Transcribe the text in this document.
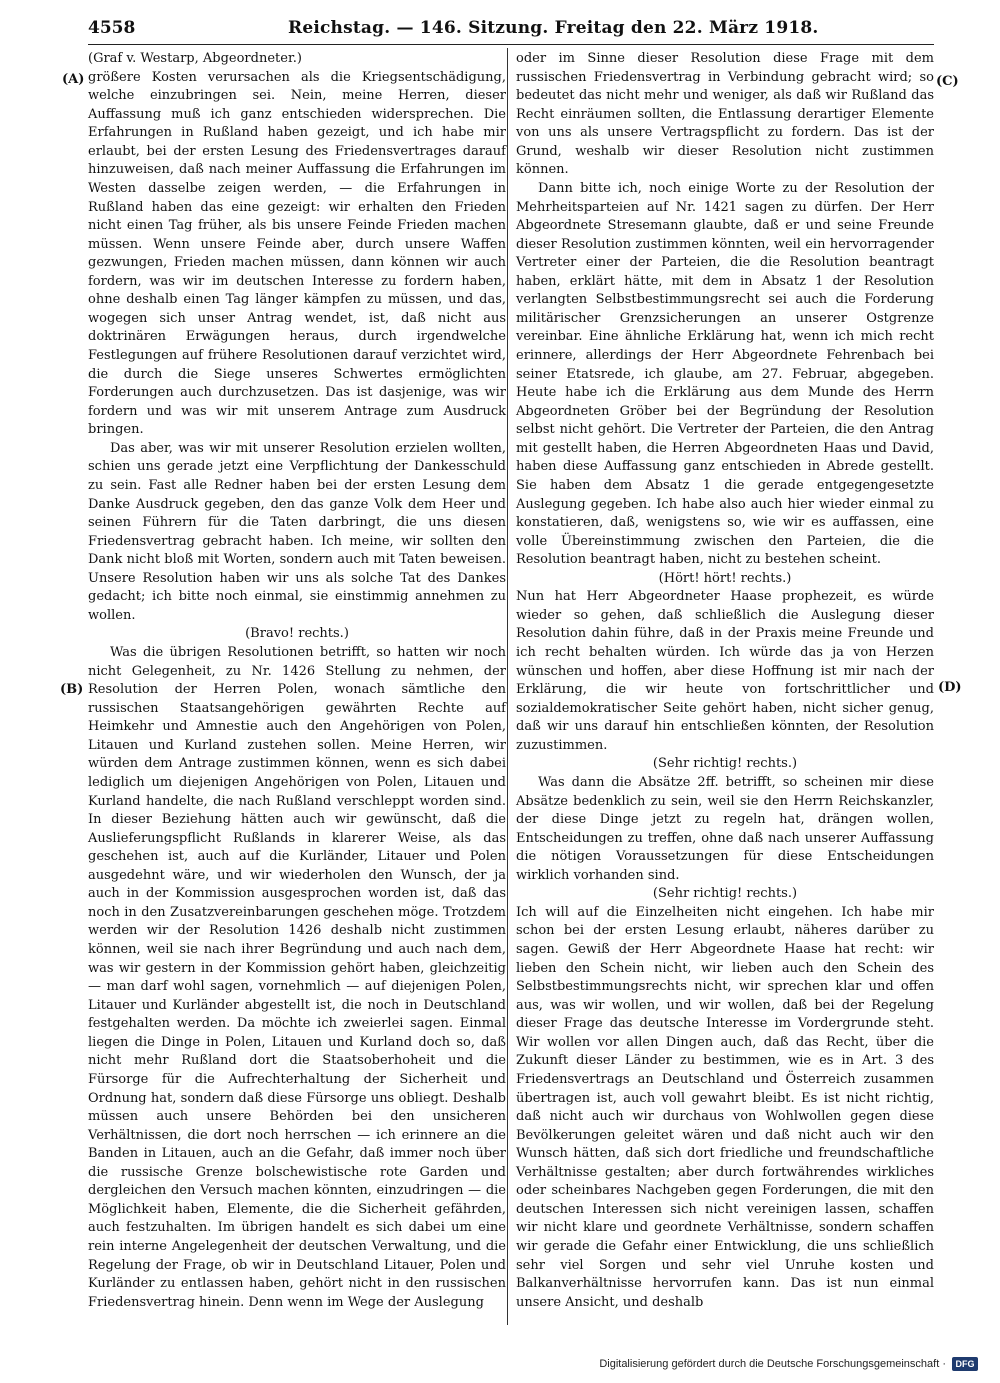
4558	Reichstag. — 146. Sitzung. Freitag den 22. März 1918.
(A)
(B)
(C)
(D)

(Graf v. Westarp, Abgeordneter.)

größere Kosten verursachen als die Kriegsentschädigung, welche einzubringen sei. Nein, meine Herren, dieser Auffassung muß ich ganz entschieden widersprechen. Die Erfahrungen in Rußland haben gezeigt, und ich habe mir erlaubt, bei der ersten Lesung des Friedensvertrages darauf hinzuweisen, daß nach meiner Auffassung die Erfahrungen im Westen dasselbe zeigen werden, — die Erfahrungen in Rußland haben das eine gezeigt: wir erhalten den Frieden nicht einen Tag früher, als bis unsere Feinde Frieden machen müssen. Wenn unsere Feinde aber, durch unsere Waffen gezwungen, Frieden machen müssen, dann können wir auch fordern, was wir im deutschen Interesse zu fordern haben, ohne deshalb einen Tag länger kämpfen zu müssen, und das, wogegen sich unser Antrag wendet, ist, daß nicht aus doktrinären Erwägungen heraus, durch irgendwelche Festlegungen auf frühere Resolutionen darauf verzichtet wird, die durch die Siege unseres Schwertes ermöglichten Forderungen auch durchzusetzen. Das ist dasjenige, was wir fordern und was wir mit unserem Antrage zum Ausdruck bringen.

Das aber, was wir mit unserer Resolution erzielen wollten, schien uns gerade jetzt eine Verpflichtung der Dankesschuld zu sein. Fast alle Redner haben bei der ersten Lesung dem Danke Ausdruck gegeben, den das ganze Volk dem Heer und seinen Führern für die Taten darbringt, die uns diesen Friedensvertrag gebracht haben. Ich meine, wir sollten den Dank nicht bloß mit Worten, sondern auch mit Taten beweisen. Unsere Resolution haben wir uns als solche Tat des Dankes gedacht; ich bitte noch einmal, sie einstimmig annehmen zu wollen.

(Bravo! rechts.)

Was die übrigen Resolutionen betrifft, so hatten wir noch nicht Gelegenheit, zu Nr. 1426 Stellung zu nehmen, der Resolution der Herren Polen, wonach sämtliche den russischen Staatsangehörigen gewährten Rechte auf Heimkehr und Amnestie auch den Angehörigen von Polen, Litauen und Kurland zustehen sollen. Meine Herren, wir würden dem Antrage zustimmen können, wenn es sich dabei lediglich um diejenigen Angehörigen von Polen, Litauen und Kurland handelte, die nach Rußland verschleppt worden sind. In dieser Beziehung hätten auch wir gewünscht, daß die Auslieferungspflicht Rußlands in klarerer Weise, als das geschehen ist, auch auf die Kurländer, Litauer und Polen ausgedehnt wäre, und wir wiederholen den Wunsch, der ja auch in der Kommission ausgesprochen worden ist, daß das noch in den Zusatzvereinbarungen geschehen möge. Trotzdem werden wir der Resolution 1426 deshalb nicht zustimmen können, weil sie nach ihrer Begründung und auch nach dem, was wir gestern in der Kommission gehört haben, gleichzeitig — man darf wohl sagen, vornehmlich — auf diejenigen Polen, Litauer und Kurländer abgestellt ist, die noch in Deutschland festgehalten werden. Da möchte ich zweierlei sagen. Einmal liegen die Dinge in Polen, Litauen und Kurland doch so, daß nicht mehr Rußland dort die Staatsoberhoheit und die Fürsorge für die Aufrechterhaltung der Sicherheit und Ordnung hat, sondern daß diese Fürsorge uns obliegt. Deshalb müssen auch unsere Behörden bei den unsicheren Verhältnissen, die dort noch herrschen — ich erinnere an die Banden in Litauen, auch an die Gefahr, daß immer noch über die russische Grenze bolschewistische rote Garden und dergleichen den Versuch machen könnten, einzudringen — die Möglichkeit haben, Elemente, die die Sicherheit gefährden, auch festzuhalten. Im übrigen handelt es sich dabei um eine rein interne Angelegenheit der deutschen Verwaltung, und die Regelung der Frage, ob wir in Deutschland Litauer, Polen und Kurländer zu entlassen haben, gehört nicht in den russischen Friedensvertrag hinein. Denn wenn im Wege der Auslegung

oder im Sinne dieser Resolution diese Frage mit dem russischen Friedensvertrag in Verbindung gebracht wird; so bedeutet das nicht mehr und weniger, als daß wir Rußland das Recht einräumen sollten, die Entlassung derartiger Elemente von uns als unsere Vertragspflicht zu fordern. Das ist der Grund, weshalb wir dieser Resolution nicht zustimmen können.

Dann bitte ich, noch einige Worte zu der Resolution der Mehrheitsparteien auf Nr. 1421 sagen zu dürfen. Der Herr Abgeordnete Stresemann glaubte, daß er und seine Freunde dieser Resolution zustimmen könnten, weil ein hervorragender Vertreter einer der Parteien, die die Resolution beantragt haben, erklärt hätte, mit dem in Absatz 1 der Resolution verlangten Selbstbestimmungsrecht sei auch die Forderung militärischer Grenzsicherungen an unserer Ostgrenze vereinbar. Eine ähnliche Erklärung hat, wenn ich mich recht erinnere, allerdings der Herr Abgeordnete Fehrenbach bei seiner Etatsrede, ich glaube, am 27. Februar, abgegeben. Heute habe ich die Erklärung aus dem Munde des Herrn Abgeordneten Gröber bei der Begründung der Resolution selbst nicht gehört. Die Vertreter der Parteien, die den Antrag mit gestellt haben, die Herren Abgeordneten Haas und David, haben diese Auffassung ganz entschieden in Abrede gestellt. Sie haben dem Absatz 1 die gerade entgegengesetzte Auslegung gegeben. Ich habe also auch hier wieder einmal zu konstatieren, daß, wenigstens so, wie wir es auffassen, eine volle Übereinstimmung zwischen den Parteien, die die Resolution beantragt haben, nicht zu bestehen scheint.

(Hört! hört! rechts.)

Nun hat Herr Abgeordneter Haase prophezeit, es würde wieder so gehen, daß schließlich die Auslegung dieser Resolution dahin führe, daß in der Praxis meine Freunde und ich recht behalten würden. Ich würde das ja von Herzen wünschen und hoffen, aber diese Hoffnung ist mir nach der Erklärung, die wir heute von fortschrittlicher und sozialdemokratischer Seite gehört haben, nicht sicher genug, daß wir uns darauf hin entschließen könnten, der Resolution zuzustimmen.

(Sehr richtig! rechts.)

Was dann die Absätze 2ff. betrifft, so scheinen mir diese Absätze bedenklich zu sein, weil sie den Herrn Reichskanzler, der diese Dinge jetzt zu regeln hat, drängen wollen, Entscheidungen zu treffen, ohne daß nach unserer Auffassung die nötigen Voraussetzungen für diese Entscheidungen wirklich vorhanden sind.

(Sehr richtig! rechts.)

Ich will auf die Einzelheiten nicht eingehen. Ich habe mir schon bei der ersten Lesung erlaubt, näheres darüber zu sagen. Gewiß der Herr Abgeordnete Haase hat recht: wir lieben den Schein nicht, wir lieben auch den Schein des Selbstbestimmungsrechts nicht, wir sprechen klar und offen aus, was wir wollen, und wir wollen, daß bei der Regelung dieser Frage das deutsche Interesse im Vordergrunde steht. Wir wollen vor allen Dingen auch, daß das Recht, über die Zukunft dieser Länder zu bestimmen, wie es in Art. 3 des Friedensvertrags an Deutschland und Österreich zusammen übertragen ist, auch voll gewahrt bleibt. Es ist nicht richtig, daß nicht auch wir durchaus von Wohlwollen gegen diese Bevölkerungen geleitet wären und daß nicht auch wir den Wunsch hätten, daß sich dort friedliche und freundschaftliche Verhältnisse gestalten; aber durch fortwährendes wirkliches oder scheinbares Nachgeben gegen Forderungen, die mit den deutschen Interessen sich nicht vereinigen lassen, schaffen wir nicht klare und geordnete Verhältnisse, sondern schaffen wir gerade die Gefahr einer Entwicklung, die uns schließlich sehr viel Sorgen und sehr viel Unruhe kosten und Balkanverhältnisse hervorrufen kann. Das ist nun einmal unsere Ansicht, und deshalb

Digitalisierung gefördert durch die Deutsche Forschungsgemeinschaft ·	DFG
